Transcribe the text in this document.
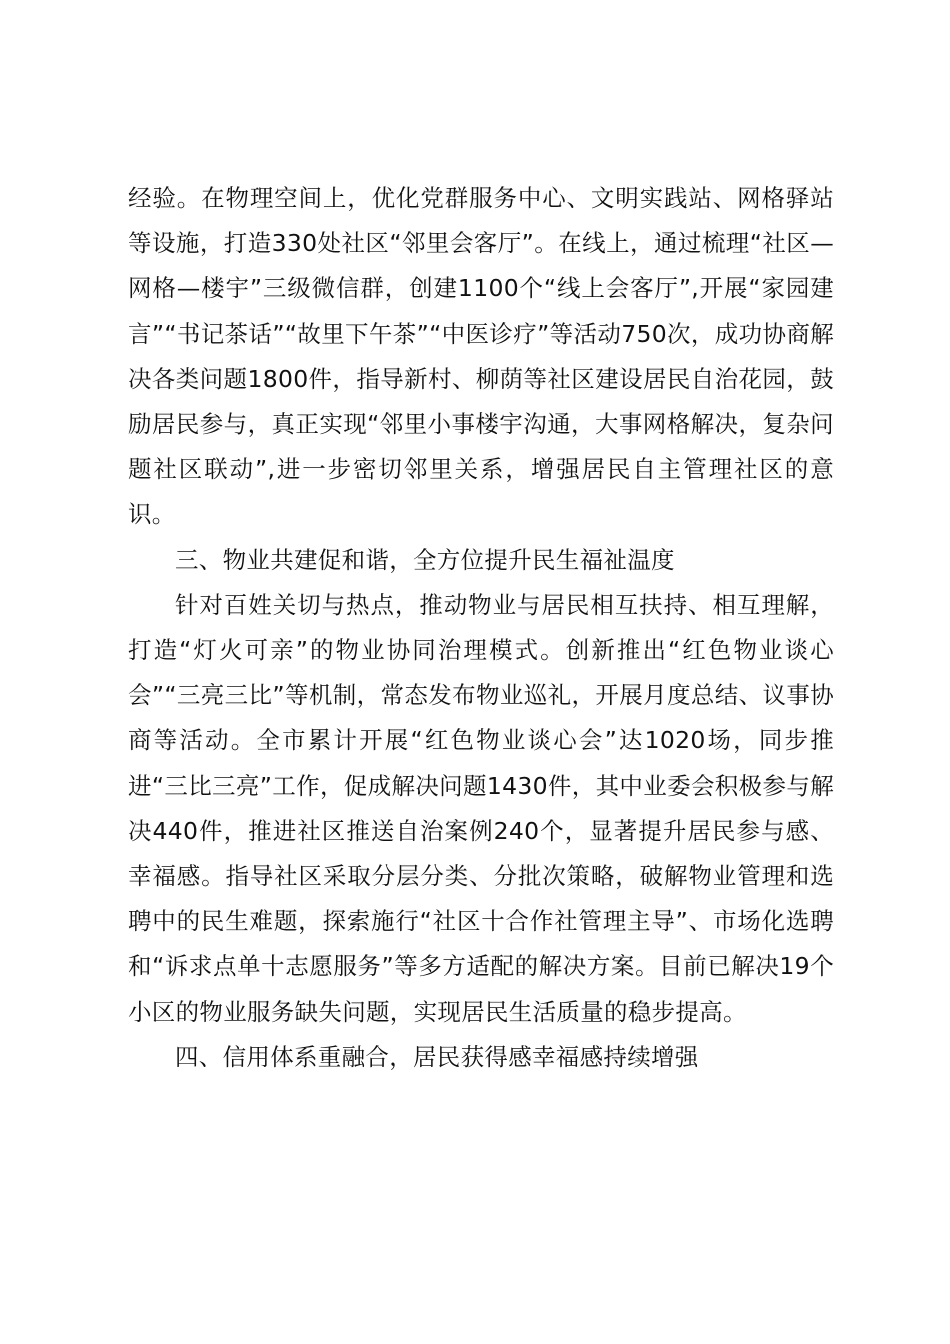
经验。在物理空间上，优化党群服务中心、文明实践站、网格驿站等设施，打造330处社区“邻里会客厅”。在线上，通过梳理“社区—网格—楼宇”三级微信群，创建1100个“线上会客厅”,开展“家园建言”“书记茶话”“故里下午茶”“中医诊疗”等活动750次，成功协商解决各类问题1800件，指导新村、柳荫等社区建设居民自治花园，鼓励居民参与，真正实现“邻里小事楼宇沟通，大事网格解决，复杂问题社区联动”,进一步密切邻里关系，增强居民自主管理社区的意识。

三、物业共建促和谐，全方位提升民生福祉温度

针对百姓关切与热点，推动物业与居民相互扶持、相互理解，打造“灯火可亲”的物业协同治理模式。创新推出“红色物业谈心会”“三亮三比”等机制，常态发布物业巡礼，开展月度总结、议事协商等活动。全市累计开展“红色物业谈心会”达1020场，同步推进“三比三亮”工作，促成解决问题1430件，其中业委会积极参与解决440件，推进社区推送自治案例240个，显著提升居民参与感、幸福感。指导社区采取分层分类、分批次策略，破解物业管理和选聘中的民生难题，探索施行“社区十合作社管理主导”、市场化选聘和“诉求点单十志愿服务”等多方适配的解决方案。目前已解决19个小区的物业服务缺失问题，实现居民生活质量的稳步提高。

四、信用体系重融合，居民获得感幸福感持续增强
